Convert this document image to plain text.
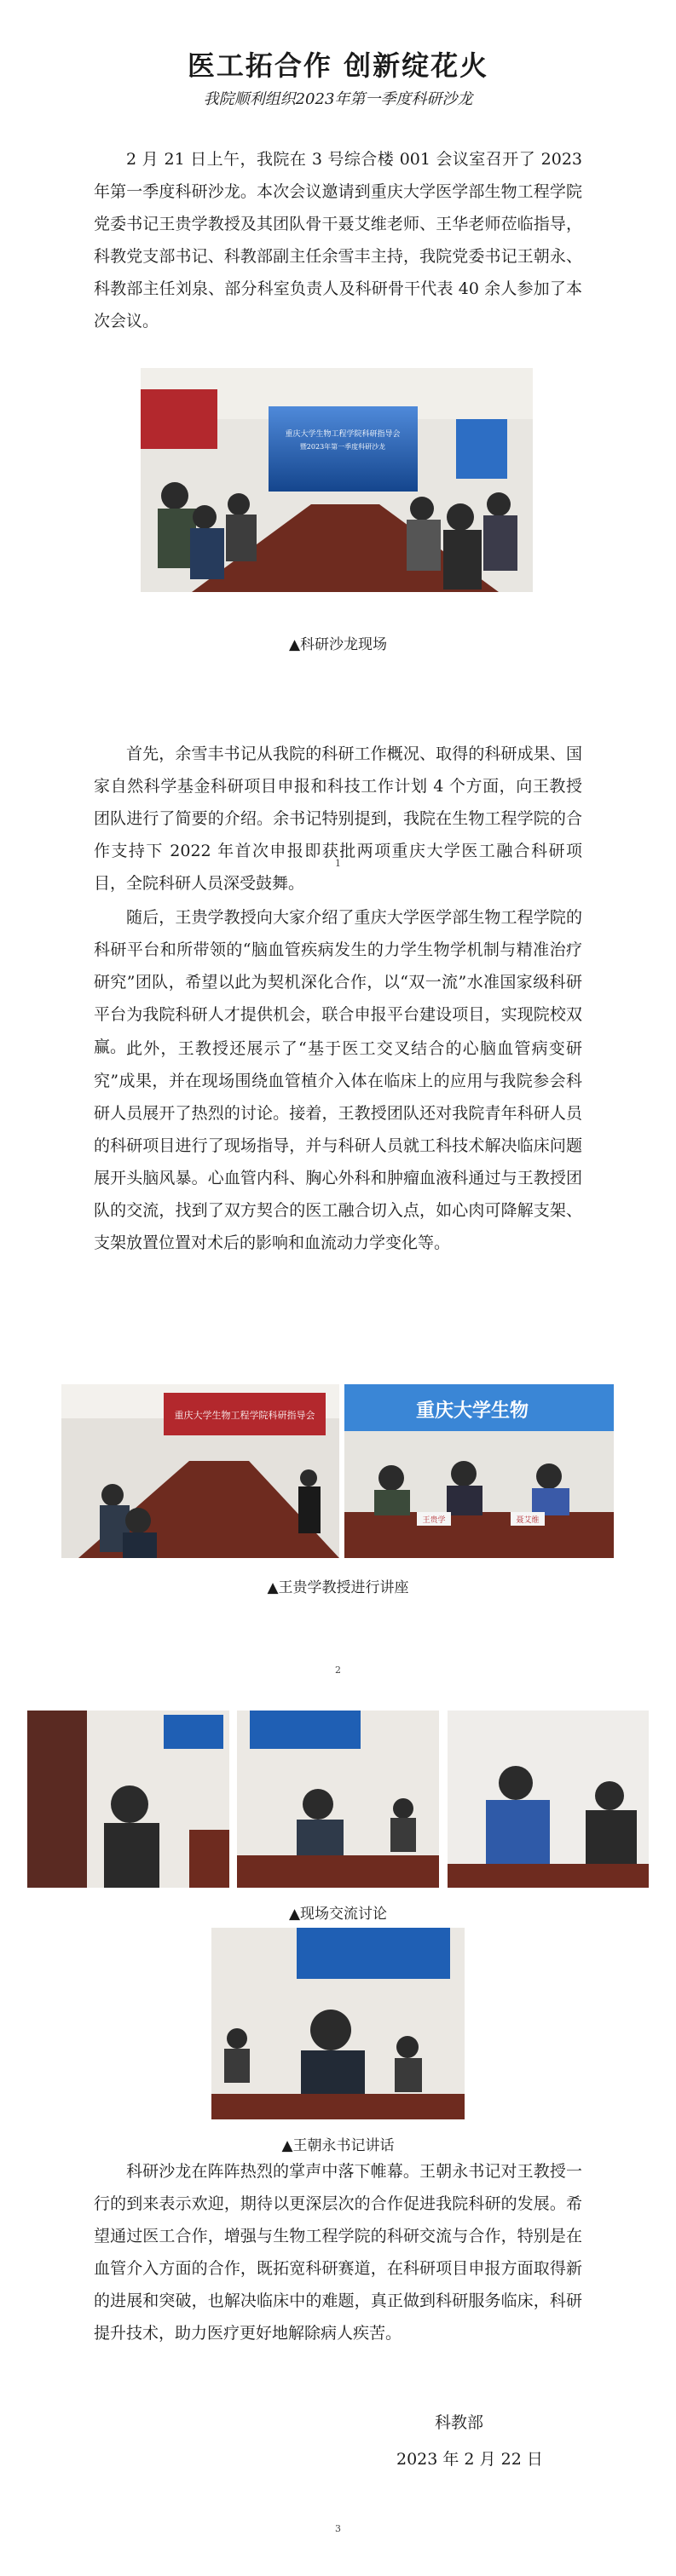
医工拓合作 创新绽花火
我院顺利组织2023年第一季度科研沙龙

2 月 21 日上午，我院在 3 号综合楼 001 会议室召开了 2023 年第一季度科研沙龙。本次会议邀请到重庆大学医学部生物工程学院党委书记王贵学教授及其团队骨干聂艾维老师、王华老师莅临指导，科教党支部书记、科教部副主任余雪丰主持，我院党委书记王朝永、科教部主任刘泉、部分科室负责人及科研骨干代表 40 余人参加了本次会议。

重庆大学生物工程学院科研指导会
暨2023年第一季度科研沙龙
▲科研沙龙现场

首先，余雪丰书记从我院的科研工作概况、取得的科研成果、国家自然科学基金科研项目申报和科技工作计划 4 个方面，向王教授团队进行了简要的介绍。余书记特别提到，我院在生物工程学院的合作支持下 2022 年首次申报即获批两项重庆大学医工融合科研项目，全院科研人员深受鼓舞。

1

随后，王贵学教授向大家介绍了重庆大学医学部生物工程学院的科研平台和所带领的“脑血管疾病发生的力学生物学机制与精准治疗研究”团队，希望以此为契机深化合作，以“双一流”水准国家级科研平台为我院科研人才提供机会，联合申报平台建设项目，实现院校双赢。 此外，王教授还展示了“基于医工交叉结合的心脑血管病变研究”成果，并在现场围绕血管植介入体在临床上的应用与我院参会科研人员展开了热烈的讨论。接着，王教授团队还对我院青年科研人员的科研项目进行了现场指导，并与科研人员就工科技术解决临床问题展开头脑风暴。心血管内科、胸心外科和肿瘤血液科通过与王教授团队的交流，找到了双方契合的医工融合切入点，如心肉可降解支架、支架放置位置对术后的影响和血流动力学变化等。

重庆大学生物工程学院科研指导会	重庆大学生物
王贵学	聂艾维
▲王贵学教授进行讲座
2
▲现场交流讨论
▲王朝永书记讲话

科研沙龙在阵阵热烈的掌声中落下帷幕。王朝永书记对王教授一行的到来表示欢迎，期待以更深层次的合作促进我院科研的发展。希望通过医工合作，增强与生物工程学院的科研交流与合作，特别是在血管介入方面的合作，既拓宽科研赛道，在科研项目申报方面取得新的进展和突破，也解决临床中的难题，真正做到科研服务临床，科研提升技术，助力医疗更好地解除病人疾苦。

科教部
2023 年 2 月 22 日
3
